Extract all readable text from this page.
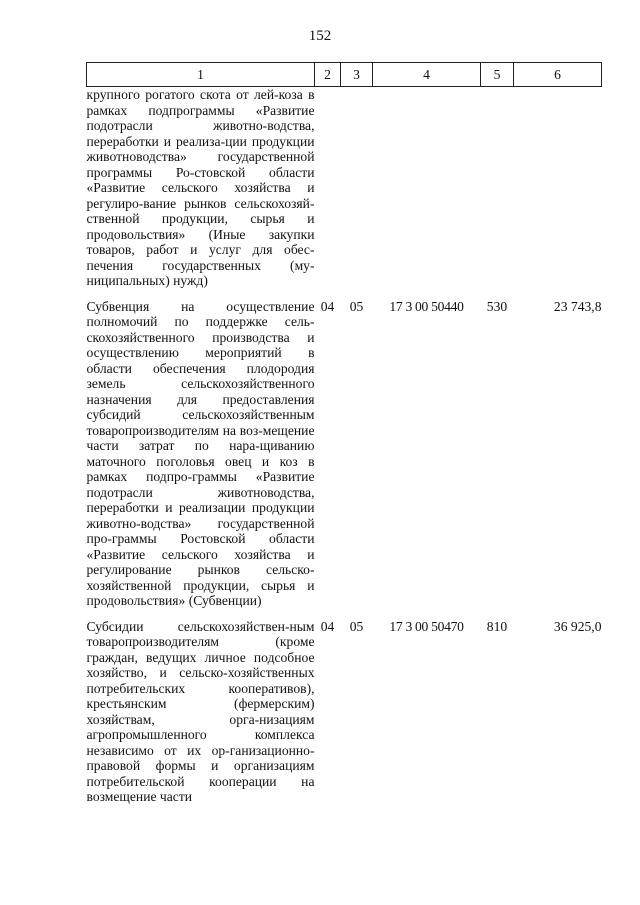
152
1	2	3	4	5	6
крупного рогатого скота от лей-коза в рамках подпрограммы «Развитие подотрасли животно-водства, переработки и реализа-ции продукции животноводства» государственной программы Ро-стовской области «Развитие сельского хозяйства и регулиро-вание рынков сельскохозяй-ственной продукции, сырья и продовольствия» (Иные закупки товаров, работ и услуг для обес-печения государственных (му-ниципальных) нужд)					
Субвенция на осуществление полномочий по поддержке сель-скохозяйственного производства и осуществлению мероприятий в области обеспечения плодородия земель сельскохозяйственного назначения для предоставления субсидий сельскохозяйственным товаропроизводителям на воз-мещение части затрат по нара-щиванию маточного поголовья овец и коз в рамках подпро-граммы «Развитие подотрасли животноводства, переработки и реализации продукции животно-водства» государственной про-граммы Ростовской области «Развитие сельского хозяйства и регулирование рынков сельско-хозяйственной продукции, сырья и продовольствия» (Субвенции)	04	05	17 3 00 50440	530	23 743,8
Субсидии сельскохозяйствен-ным товаропроизводителям (кроме граждан, ведущих личное подсобное хозяйство, и сельско-хозяйственных потребительских кооперативов), крестьянским (фермерским) хозяйствам, орга-низациям агропромышленного комплекса независимо от их ор-ганизационно-правовой формы и организациям потребительской кооперации на возмещение части	04	05	17 3 00 50470	810	36 925,0
